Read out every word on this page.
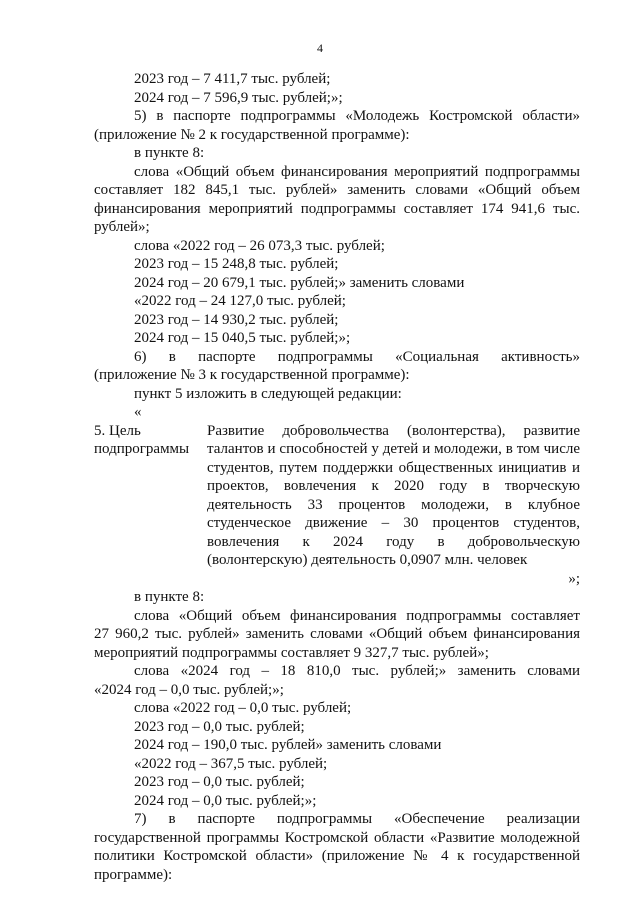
4
2023 год – 7 411,7 тыс. рублей;
2024 год – 7 596,9 тыс. рублей;»;
5) в паспорте подпрограммы «Молодежь Костромской области»
(приложение № 2 к государственной программе):
в пункте 8:
слова «Общий объем финансирования мероприятий подпрограммы
составляет 182 845,1 тыс. рублей» заменить словами «Общий объем
финансирования мероприятий подпрограммы составляет 174 941,6 тыс.
рублей»;
слова «2022 год – 26 073,3 тыс. рублей;
2023 год – 15 248,8 тыс. рублей;
2024 год – 20 679,1 тыс. рублей;» заменить словами
«2022 год – 24 127,0 тыс. рублей;
2023 год – 14 930,2 тыс. рублей;
2024 год – 15 040,5 тыс. рублей;»;
6) в паспорте подпрограммы «Социальная активность»
(приложение № 3 к государственной программе):
пункт 5 изложить в следующей редакции:
«
5. Цель	Развитие добровольчества (волонтерства), развитие
подпрограммы талантов и способностей у детей и молодежи, в том числе
студентов, путем поддержки общественных инициатив и
проектов, вовлечения к 2020 году в творческую
деятельность 33 процентов молодежи, в клубное
студенческое движение – 30 процентов студентов,
вовлечения к 2024 году в добровольческую
(волонтерскую) деятельность 0,0907 млн. человек
»;
в пункте 8:
слова «Общий объем финансирования подпрограммы составляет
27 960,2 тыс. рублей» заменить словами «Общий объем финансирования
мероприятий подпрограммы составляет 9 327,7 тыс. рублей»;
слова «2024 год – 18 810,0 тыс. рублей;» заменить словами
«2024 год – 0,0 тыс. рублей;»;
слова «2022 год – 0,0 тыс. рублей;
2023 год – 0,0 тыс. рублей;
2024 год – 190,0 тыс. рублей» заменить словами
«2022 год – 367,5 тыс. рублей;
2023 год – 0,0 тыс. рублей;
2024 год – 0,0 тыс. рублей;»;
7) в паспорте подпрограммы «Обеспечение реализации
государственной программы Костромской области «Развитие молодежной
политики Костромской области» (приложение № 4 к государственной
программе):
